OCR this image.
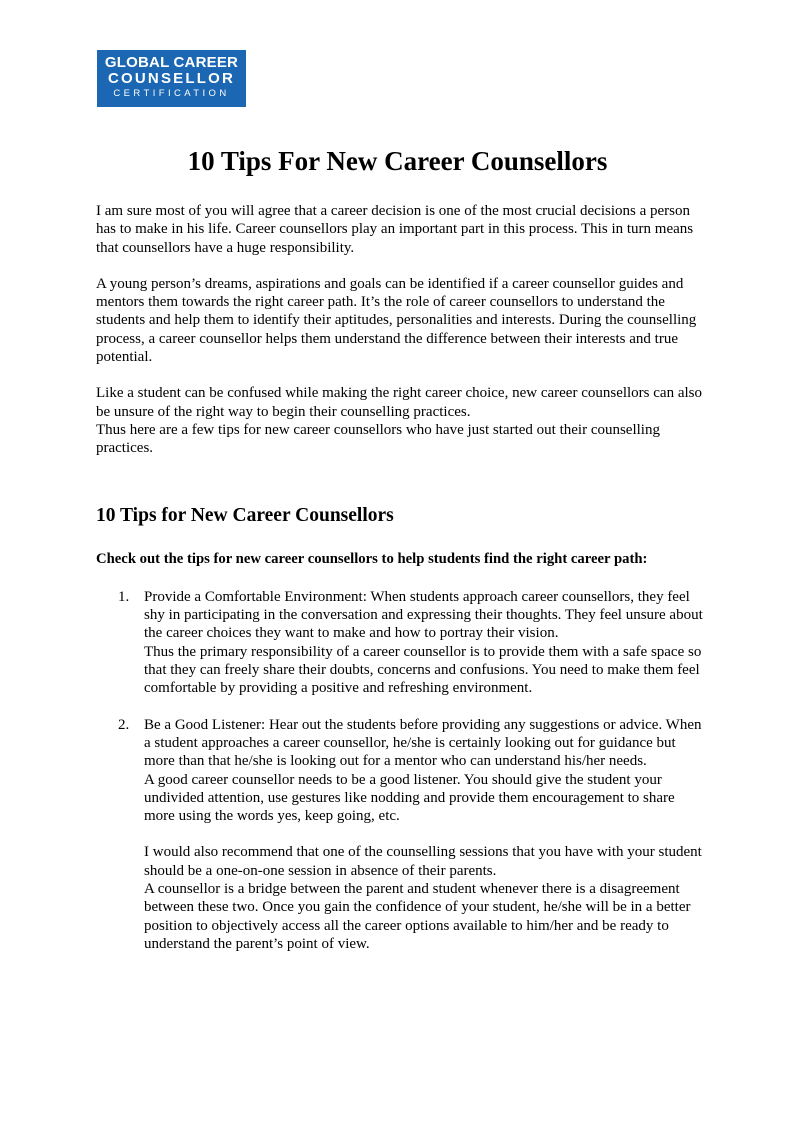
GLOBAL CAREER
COUNSELLOR
CERTIFICATION
10 Tips For New Career Counsellors

I am sure most of you will agree that a career decision is one of the most crucial decisions a person has to make in his life. Career counsellors play an important part in this process. This in turn means that counsellors have a huge responsibility.

A young person’s dreams, aspirations and goals can be identified if a career counsellor guides and mentors them towards the right career path. It’s the role of career counsellors to understand the students and help them to identify their aptitudes, personalities and interests. During the counselling process, a career counsellor helps them understand the difference between their interests and true potential.

Like a student can be confused while making the right career choice, new career counsellors can also be unsure of the right way to begin their counselling practices.

Thus here are a few tips for new career counsellors who have just started out their counselling practices.

10 Tips for New Career Counsellors

Check out the tips for new career counsellors to help students find the right career path:

1. Provide a Comfortable Environment: When students approach career counsellors, they feel shy in participating in the conversation and expressing their thoughts. They feel unsure about the career choices they want to make and how to portray their vision.

Thus the primary responsibility of a career counsellor is to provide them with a safe space so that they can freely share their doubts, concerns and confusions. You need to make them feel comfortable by providing a positive and refreshing environment.

2. Be a Good Listener: Hear out the students before providing any suggestions or advice. When a student approaches a career counsellor, he/she is certainly looking out for guidance but more than that he/she is looking out for a mentor who can understand his/her needs.

A good career counsellor needs to be a good listener. You should give the student your undivided attention, use gestures like nodding and provide them encouragement to share more using the words yes, keep going, etc.

I would also recommend that one of the counselling sessions that you have with your student should be a one-on-one session in absence of their parents.

A counsellor is a bridge between the parent and student whenever there is a disagreement between these two. Once you gain the confidence of your student, he/she will be in a better position to objectively access all the career options available to him/her and be ready to understand the parent’s point of view.
